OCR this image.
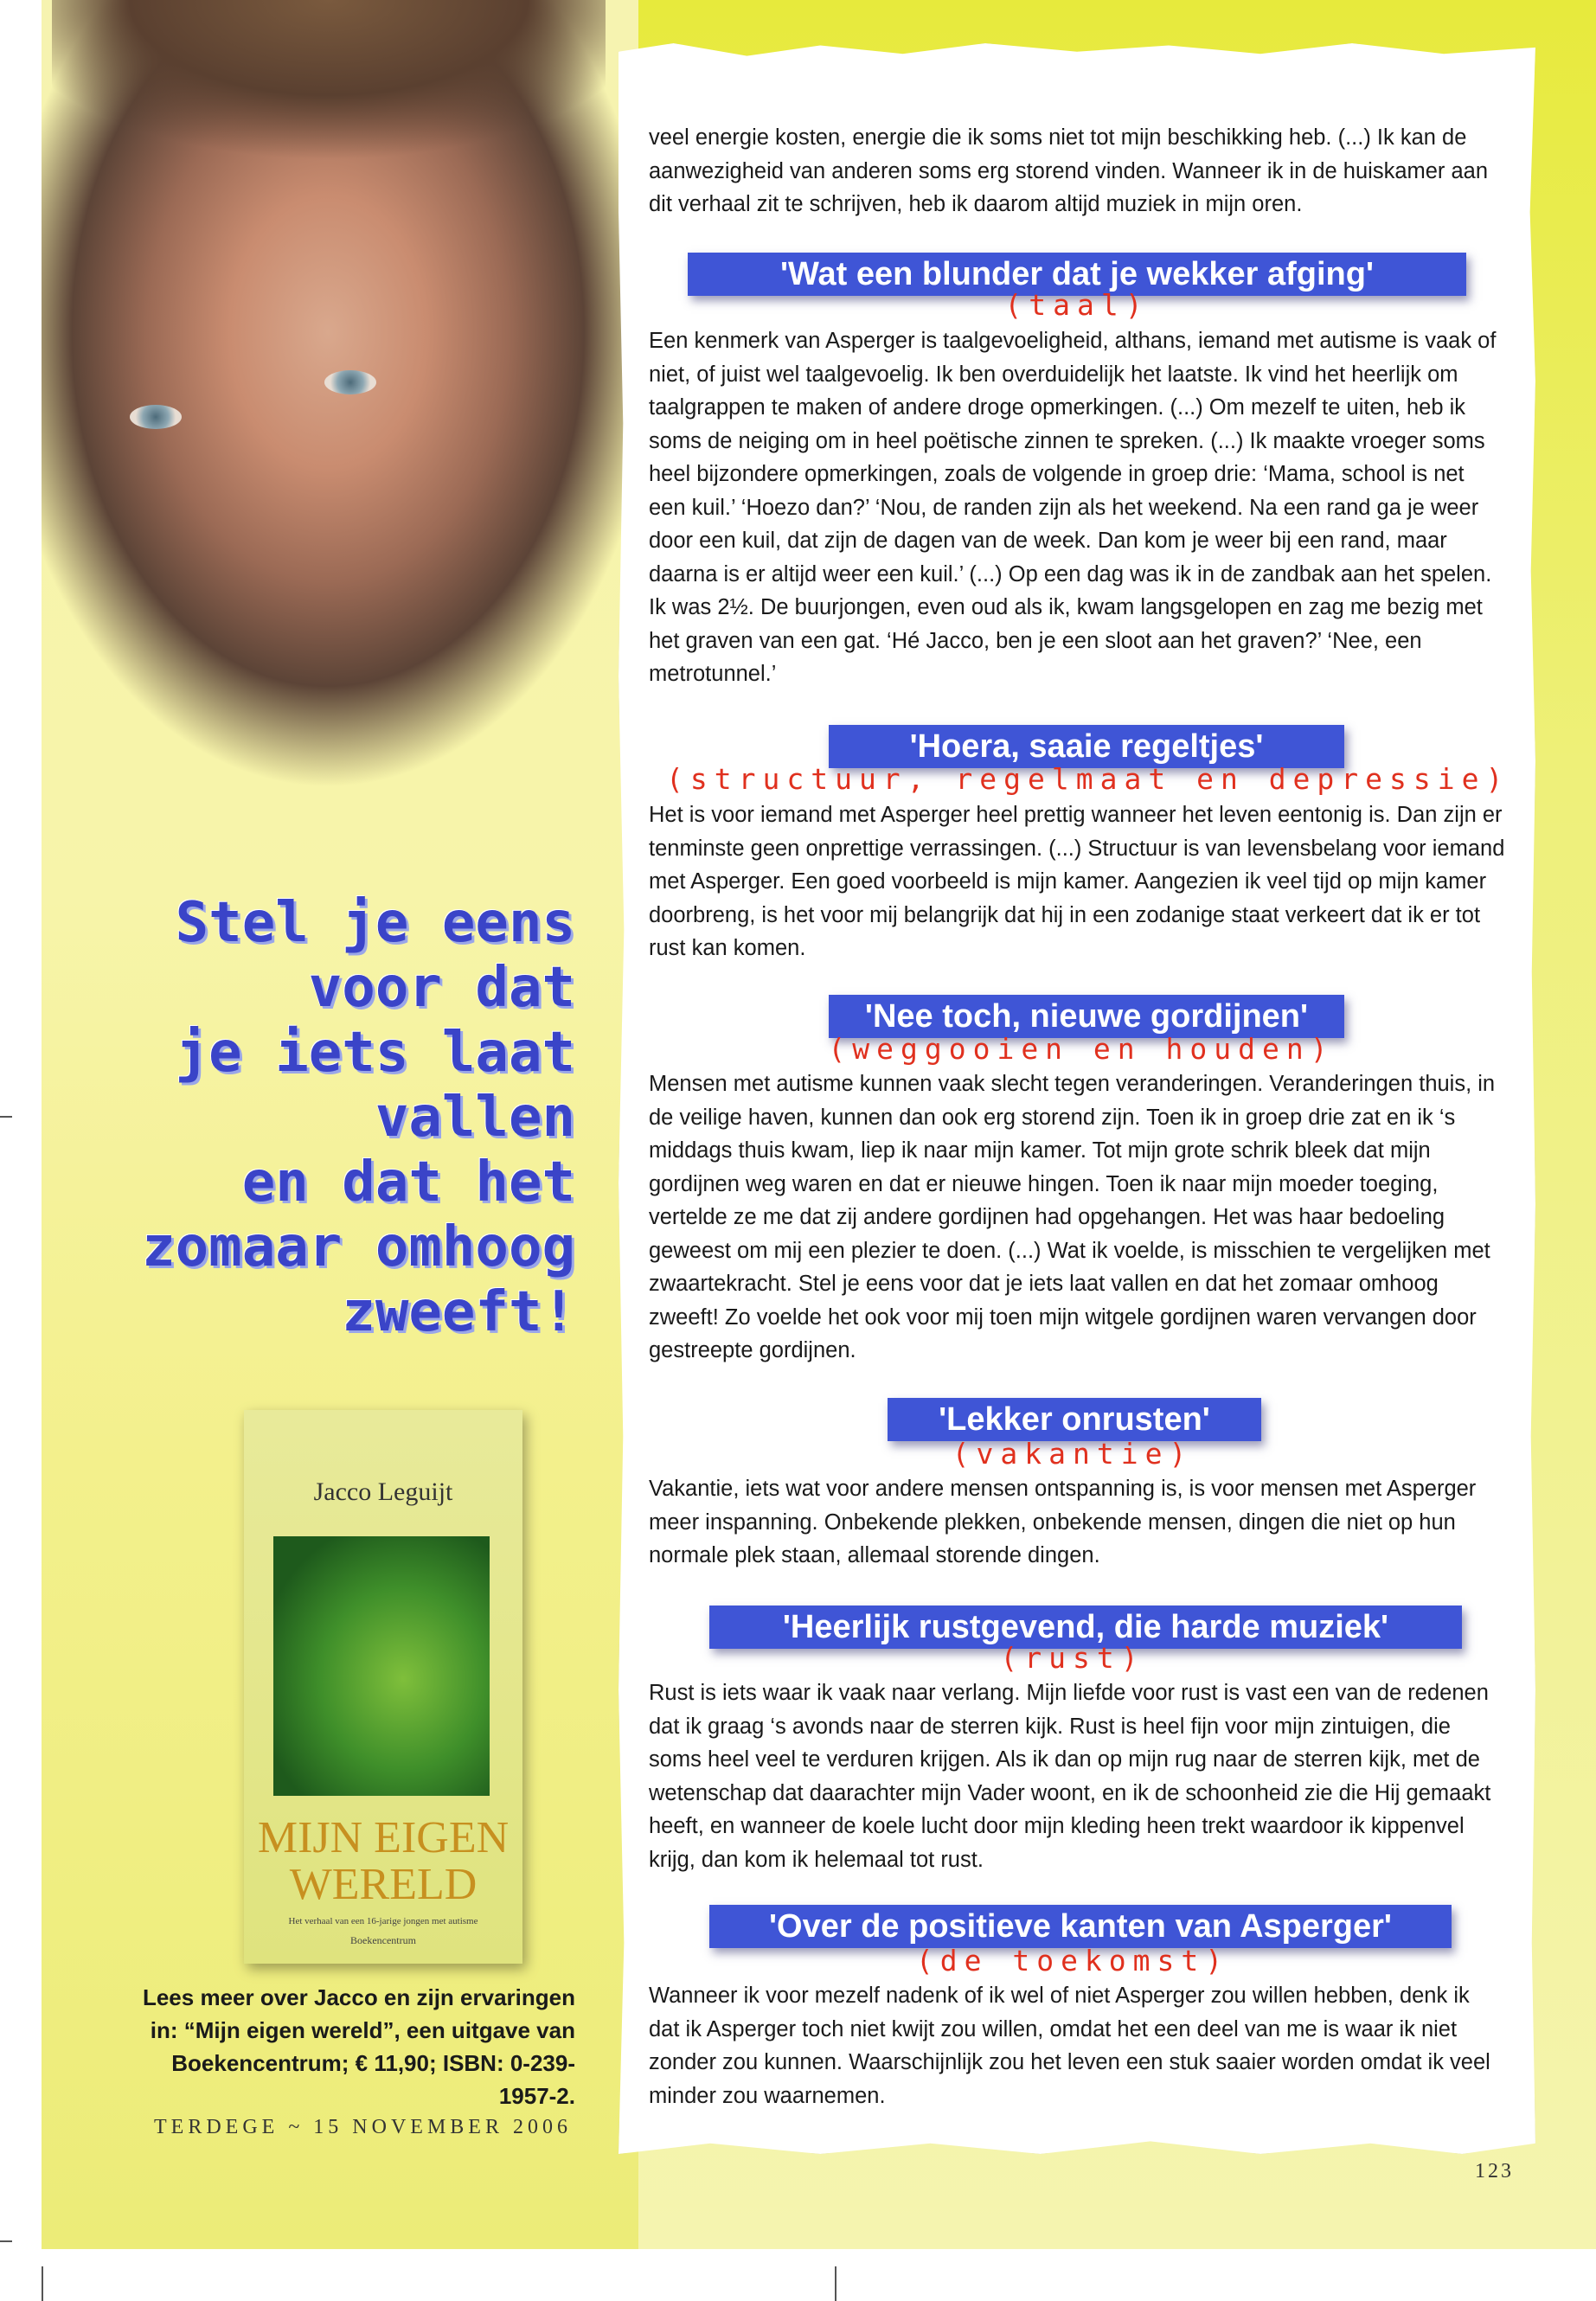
veel energie kosten, energie die ik soms niet tot mijn beschikking heb. (...) Ik kan de aanwezigheid van anderen soms erg storend vinden. Wanneer ik in de huiskamer aan dit verhaal zit te schrijven, heb ik daarom altijd muziek in mijn oren.
'Wat een blunder dat je wekker afging'
(taal)
Een kenmerk van Asperger is taalgevoeligheid, althans, iemand met autisme is vaak of niet, of juist wel taalgevoelig. Ik ben overduidelijk het laatste. Ik vind het heerlijk om taalgrappen te maken of andere droge opmerkingen. (...) Om mezelf te uiten, heb ik soms de neiging om in heel poëtische zinnen te spreken. (...) Ik maakte vroeger soms heel bijzondere opmerkingen, zoals de volgende in groep drie: ‘Mama, school is net een kuil.’ ‘Hoezo dan?’ ‘Nou, de randen zijn als het weekend. Na een rand ga je weer door een kuil, dat zijn de dagen van de week. Dan kom je weer bij een rand, maar daarna is er altijd weer een kuil.’ (...) Op een dag was ik in de zandbak aan het spelen. Ik was 2½. De buurjongen, even oud als ik, kwam langsgelopen en zag me bezig met het graven van een gat. ‘Hé Jacco, ben je een sloot aan het graven?’ ‘Nee, een metrotunnel.’
'Hoera, saaie regeltjes'
(structuur, regelmaat en depressie)
Het is voor iemand met Asperger heel prettig wanneer het leven eentonig is. Dan zijn er tenminste geen onprettige verrassingen. (...) Structuur is van levensbelang voor iemand met Asperger. Een goed voorbeeld is mijn kamer. Aangezien ik veel tijd op mijn kamer doorbreng, is het voor mij belangrijk dat hij in een zodanige staat verkeert dat ik er tot rust kan komen.
'Nee toch, nieuwe gordijnen'
(weggooien en houden)
Mensen met autisme kunnen vaak slecht tegen veranderingen. Veranderingen thuis, in de veilige haven, kunnen dan ook erg storend zijn. Toen ik in groep drie zat en ik ‘s middags thuis kwam, liep ik naar mijn kamer. Tot mijn grote schrik bleek dat mijn gordijnen weg waren en dat er nieuwe hingen. Toen ik naar mijn moeder toeging, vertelde ze me dat zij andere gordijnen had opgehangen. Het was haar bedoeling geweest om mij een plezier te doen. (...) Wat ik voelde, is misschien te vergelijken met zwaartekracht. Stel je eens voor dat je iets laat vallen en dat het zomaar omhoog zweeft! Zo voelde het ook voor mij toen mijn witgele gordijnen waren vervangen door gestreepte gordijnen.
'Lekker onrusten'
(vakantie)
Vakantie, iets wat voor andere mensen ontspanning is, is voor mensen met Asperger meer inspanning. Onbekende plekken, onbekende mensen, dingen die niet op hun normale plek staan, allemaal storende dingen.
'Heerlijk rustgevend, die harde muziek'
(rust)
Rust is iets waar ik vaak naar verlang. Mijn liefde voor rust is vast een van de redenen dat ik graag ‘s avonds naar de sterren kijk. Rust is heel fijn voor mijn zintuigen, die soms heel veel te verduren krijgen. Als ik dan op mijn rug naar de sterren kijk, met de wetenschap dat daarachter mijn Vader woont, en ik de schoonheid zie die Hij gemaakt heeft, en wanneer de koele lucht door mijn kleding heen trekt waardoor ik kippenvel krijg, dan kom ik helemaal tot rust.
'Over de positieve kanten van Asperger'
(de toekomst)
Wanneer ik voor mezelf nadenk of ik wel of niet Asperger zou willen hebben, denk ik dat ik Asperger toch niet kwijt zou willen, omdat het een deel van me is waar ik niet zonder zou kunnen. Waarschijnlijk zou het leven een stuk saaier worden omdat ik veel minder zou waarnemen.
Stel je eens
voor dat
je iets laat
vallen
en dat het
zomaar omhoog
zweeft!
Jacco Leguijt
MIJN EIGEN WERELD
Het verhaal van een 16-jarige jongen met autisme
Boekencentrum
Lees meer over Jacco en zijn ervaringen in: “Mijn eigen wereld”, een uitgave van Boekencentrum; € 11,90; ISBN: 0-239-1957-2.
TERDEGE ~ 15 NOVEMBER 2006
123
